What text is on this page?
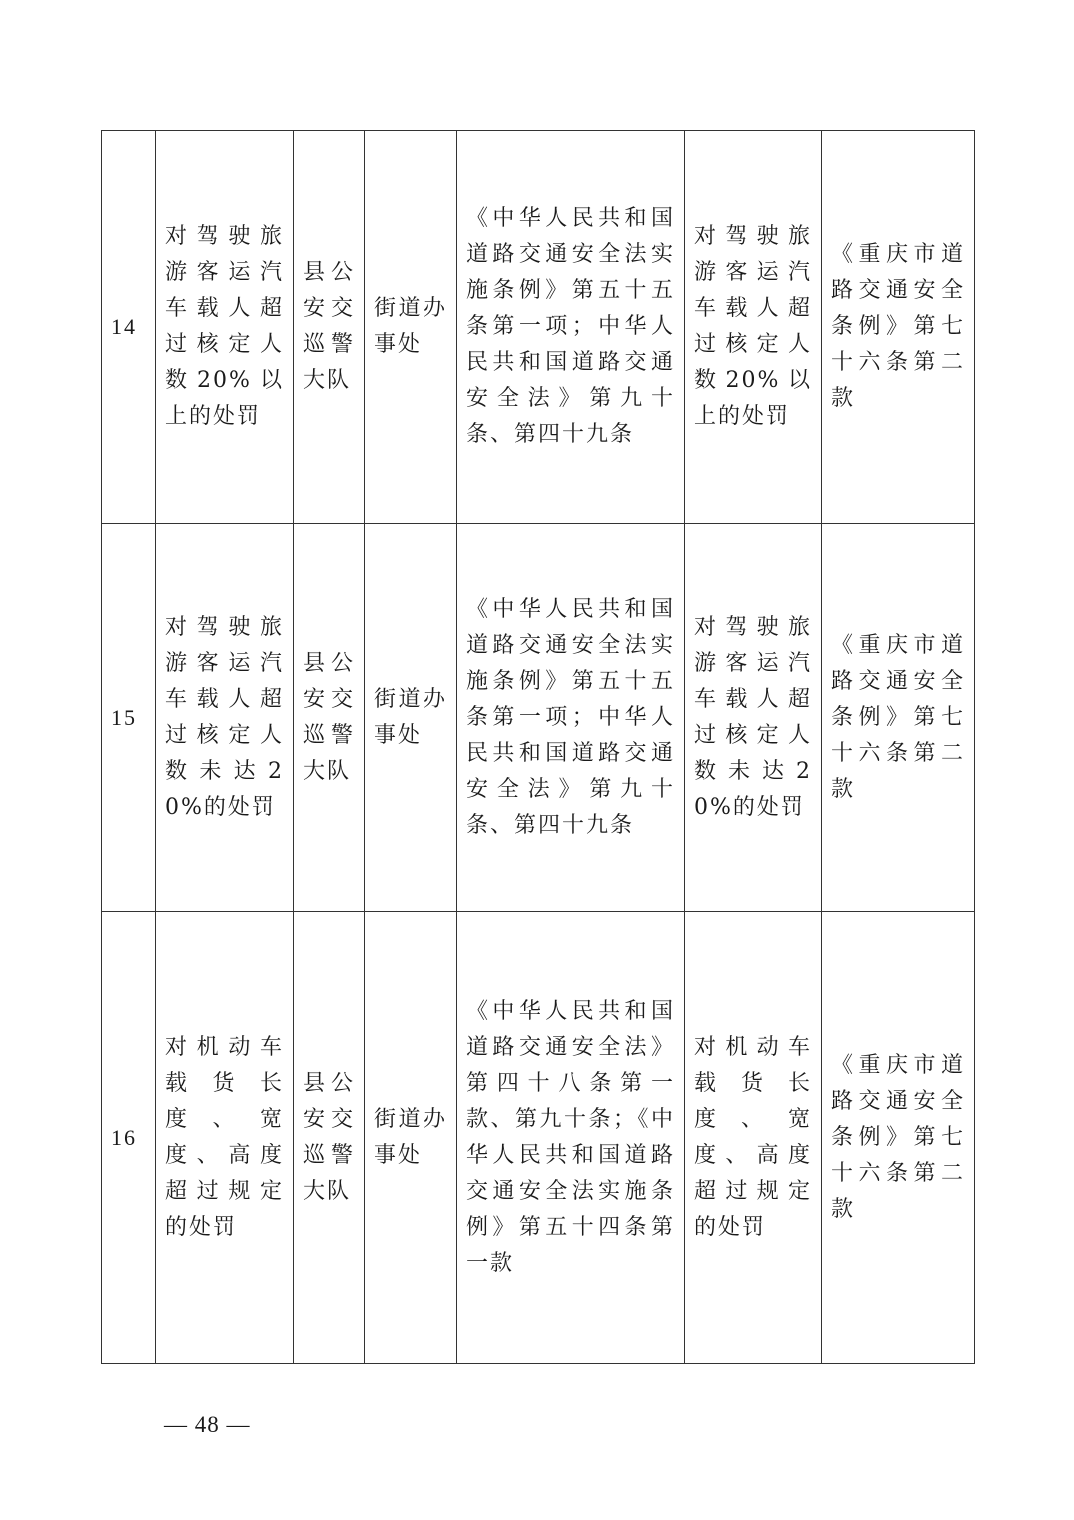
14	对驾驶旅游客运汽车载人超过核定人数20%以上的处罚	县公安交巡警大队	街道办事处	《中华人民共和国道路交通安全法实施条例》第五十五条第一项；中华人民共和国道路交通安全法》第九十条、第四十九条	对驾驶旅游客运汽车载人超过核定人数20%以上的处罚	《重庆市道路交通安全条例》第七十六条第二款
15	对驾驶旅游客运汽车载人超过核定人数未达20%的处罚	县公安交巡警大队	街道办事处	《中华人民共和国道路交通安全法实施条例》第五十五条第一项；中华人民共和国道路交通安全法》第九十条、第四十九条	对驾驶旅游客运汽车载人超过核定人数未达20%的处罚	《重庆市道路交通安全条例》第七十六条第二款
16	对机动车载货长度、宽度、高度超过规定的处罚	县公安交巡警大队	街道办事处	《中华人民共和国道路交通安全法》第四十八条第一款、第九十条；《中华人民共和国道路交通安全法实施条例》第五十四条第一款	对机动车载货长度、宽度、高度超过规定的处罚	《重庆市道路交通安全条例》第七十六条第二款
— 48 —
